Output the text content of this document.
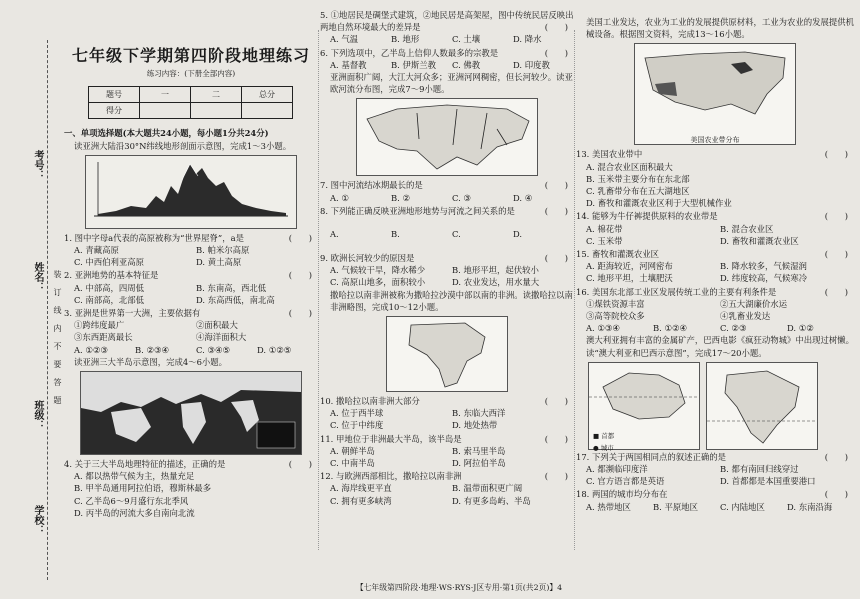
考号：
姓名：
班级：
学校：
装订线内不要答题
七年级下学期第四阶段地理练习
练习内容：(下册全部内容)
题号	一	二	总分
得分			
一、单项选择题(本大题共24小题，每小题1分共24分)
读亚洲大陆沿30°N纬线地形剖面示意图，完成1～3小题。
1. 图中字母a代表的高原被称为“世界屋脊”，a是	(　　)
A. 青藏高原	B. 帕米尔高原
C. 中西伯利亚高原	D. 黄土高原
2. 亚洲地势的基本特征是	(　　)
A. 中部高，四周低	B. 东南高，西北低
C. 南部高，北部低	D. 东高西低，南北高
3. 亚洲是世界第一大洲，主要依据有	(　　)
①跨纬度最广	②面积最大
③东西距离最长	④海洋面积大
A. ①②③	B. ②③④	C. ③④⑤	D. ①②⑤
读亚洲三大半岛示意图，完成4～6小题。
4. 关于三大半岛地理特征的描述，正确的是	(　　)
A. 都以热带气候为主，热量充足
B. 甲半岛通用阿拉伯语，穆斯林最多
C. 乙半岛6～9月盛行东北季风
D. 丙半岛的河流大多自南向北流
5. ①地居民是碉堡式建筑，②地民居是高架屋，图中传统民居反映出两地自然环境最大的差异是	(　　)
A. 气温	B. 地形	C. 土壤	D. 降水
6. 下列选项中，乙半岛上信仰人数最多的宗教是	(　　)
A. 基督教	B. 伊斯兰教	C. 佛教	D. 印度教
亚洲面积广阔，大江大河众多；亚洲河网稠密，但长河较少。读亚欧河流分布图，完成7～9小题。
7. 图中河流结冰期最长的是	(　　)
A. ①	B. ②	C. ③	D. ④
8. 下列能正确反映亚洲地形地势与河流之间关系的是	(　　)
A.	B.	C.	D.
9. 欧洲长河较少的原因是	(　　)
A. 气候较干旱，降水稀少	B. 地形平坦，起伏较小
C. 高原山地多，面积较小	D. 农业发达，用水量大
撒哈拉以南非洲被称为撒哈拉沙漠中部以南的非洲。读撒哈拉以南非洲略图，完成10～12小题。
10. 撒哈拉以南非洲大部分	(　　)
A. 位于西半球	B. 东临大西洋
C. 位于中纬度	D. 地处热带
11. 甲地位于非洲最大半岛，该半岛是	(　　)
A. 朝鲜半岛	B. 索马里半岛
C. 中南半岛	D. 阿拉伯半岛
12. 与欧洲西部相比，撒哈拉以南非洲	(　　)
A. 海岸线更平直	B. 温带面积更广阔
C. 拥有更多峡湾	D. 有更多岛屿、半岛
美国工业发达，农业为工业的发展提供原材料，工业为农业的发展提供机械设备。根据图文资料，完成13～16小题。
美国农业带分布
13. 美国农业带中	(　　)
A. 混合农业区面积最大
B. 玉米带主要分布在东北部
C. 乳畜带分布在五大湖地区
D. 畜牧和灌溉农业区利于大型机械作业
14. 能够为牛仔裤提供原料的农业带是	(　　)
A. 棉花带	B. 混合农业区
C. 玉米带	D. 畜牧和灌溉农业区
15. 畜牧和灌溉农业区	(　　)
A. 距海较近，河网密布	B. 降水较多，气候湿润
C. 地形平坦，土壤肥沃	D. 纬度较高，气候寒冷
16. 美国东北部工业区发展传统工业的主要有利条件是	(　　)
①煤铁资源丰富	②五大湖廉价水运
③高等院校众多	④乳畜业发达
A. ①③④	B. ①②④	C. ②③	D. ①②
澳大利亚拥有丰富的金属矿产，巴西电影《疯狂动物城》中出现过树懒。读“澳大利亚和巴西示意图”，完成17～20小题。
■ 首都
● 城市
17. 下列关于两国相同点的叙述正确的是	(　　)
A. 都濒临印度洋	B. 都有南回归线穿过
C. 官方语言都是英语	D. 首都都是本国重要港口
18. 两国的城市均分布在	(　　)
A. 热带地区	B. 平原地区	C. 内陆地区	D. 东南沿海
【七年级第四阶段·地理·WS·RYS·J区专用·第1页(共2页)】4
